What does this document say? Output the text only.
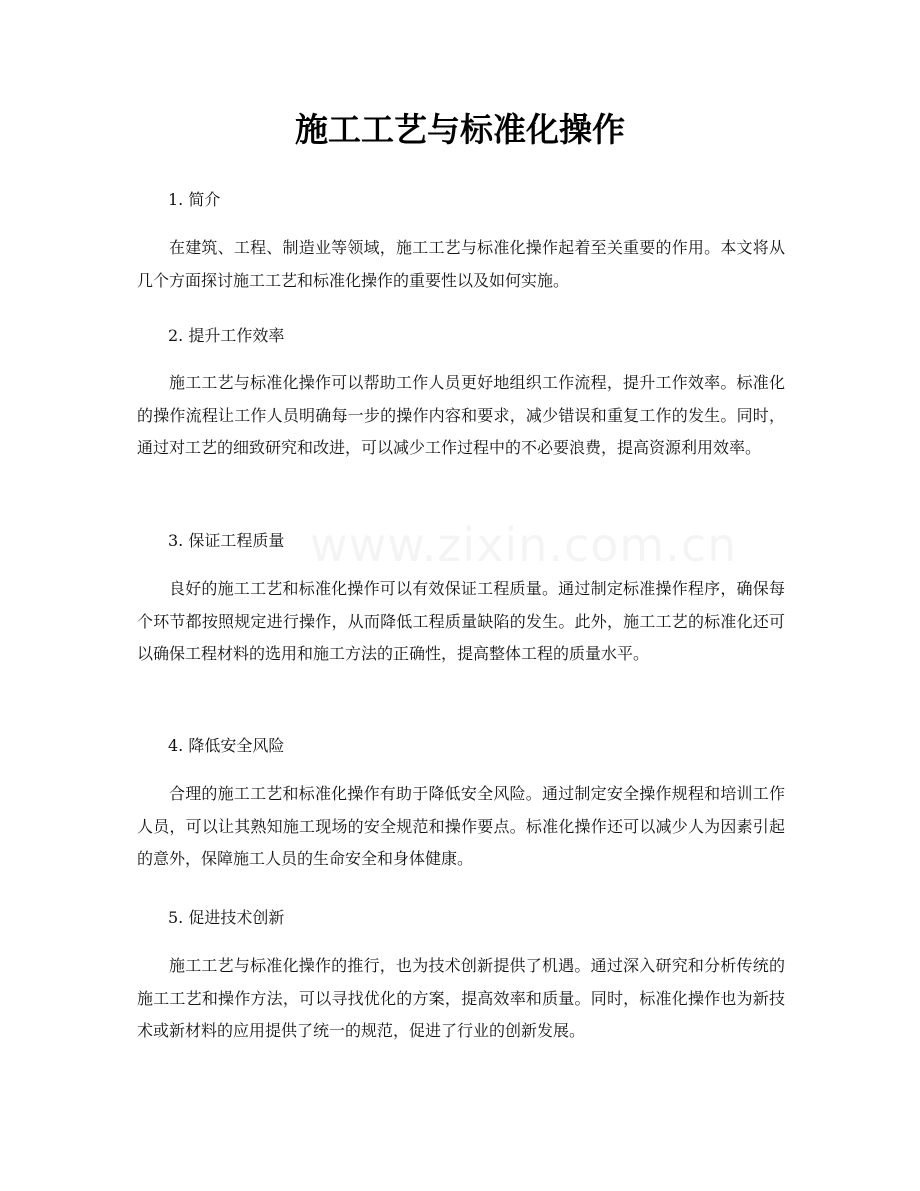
施工工艺与标准化操作

1. 简介

在建筑、工程、制造业等领域，施工工艺与标准化操作起着至关重要的作用。本文将从几个方面探讨施工工艺和标准化操作的重要性以及如何实施。

2. 提升工作效率

施工工艺与标准化操作可以帮助工作人员更好地组织工作流程，提升工作效率。标准化的操作流程让工作人员明确每一步的操作内容和要求，减少错误和重复工作的发生。同时，通过对工艺的细致研究和改进，可以减少工作过程中的不必要浪费，提高资源利用效率。

3. 保证工程质量

良好的施工工艺和标准化操作可以有效保证工程质量。通过制定标准操作程序，确保每个环节都按照规定进行操作，从而降低工程质量缺陷的发生。此外，施工工艺的标准化还可以确保工程材料的选用和施工方法的正确性，提高整体工程的质量水平。

4. 降低安全风险

合理的施工工艺和标准化操作有助于降低安全风险。通过制定安全操作规程和培训工作人员，可以让其熟知施工现场的安全规范和操作要点。标准化操作还可以减少人为因素引起的意外，保障施工人员的生命安全和身体健康。

5. 促进技术创新

施工工艺与标准化操作的推行，也为技术创新提供了机遇。通过深入研究和分析传统的施工工艺和操作方法，可以寻找优化的方案，提高效率和质量。同时，标准化操作也为新技术或新材料的应用提供了统一的规范，促进了行业的创新发展。
